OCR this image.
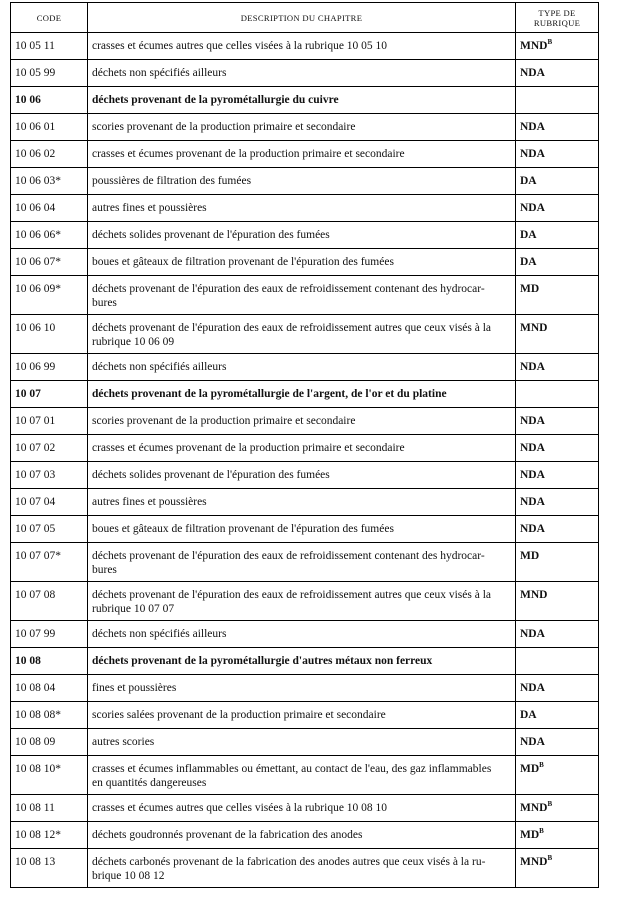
CODE	DESCRIPTION DU CHAPITRE	TYPE DE
RUBRIQUE
10 05 11	crasses et écumes autres que celles visées à la rubrique 10 05 10	$MND^B$
10 05 99	déchets non spécifiés ailleurs	NDA
10 06	déchets provenant de la pyrométallurgie du cuivre	
10 06 01	scories provenant de la production primaire et secondaire	NDA
10 06 02	crasses et écumes provenant de la production primaire et secondaire	NDA
10 06 03*	poussières de filtration des fumées	DA
10 06 04	autres fines et poussières	NDA
10 06 06*	déchets solides provenant de l'épuration des fumées	DA
10 06 07*	boues et gâteaux de filtration provenant de l'épuration des fumées	DA
10 06 09*	déchets provenant de l'épuration des eaux de refroidissement contenant des hydrocar-
bures	MD
10 06 10	déchets provenant de l'épuration des eaux de refroidissement autres que ceux visés à la
rubrique 10 06 09	MND
10 06 99	déchets non spécifiés ailleurs	NDA
10 07	déchets provenant de la pyrométallurgie de l'argent, de l'or et du platine	
10 07 01	scories provenant de la production primaire et secondaire	NDA
10 07 02	crasses et écumes provenant de la production primaire et secondaire	NDA
10 07 03	déchets solides provenant de l'épuration des fumées	NDA
10 07 04	autres fines et poussières	NDA
10 07 05	boues et gâteaux de filtration provenant de l'épuration des fumées	NDA
10 07 07*	déchets provenant de l'épuration des eaux de refroidissement contenant des hydrocar-
bures	MD
10 07 08	déchets provenant de l'épuration des eaux de refroidissement autres que ceux visés à la
rubrique 10 07 07	MND
10 07 99	déchets non spécifiés ailleurs	NDA
10 08	déchets provenant de la pyrométallurgie d'autres métaux non ferreux	
10 08 04	fines et poussières	NDA
10 08 08*	scories salées provenant de la production primaire et secondaire	DA
10 08 09	autres scories	NDA
10 08 10*	crasses et écumes inflammables ou émettant, au contact de l'eau, des gaz inflammables
en quantités dangereuses	$MD^B$
10 08 11	crasses et écumes autres que celles visées à la rubrique 10 08 10	$MND^B$
10 08 12*	déchets goudronnés provenant de la fabrication des anodes	$MD^B$
10 08 13	déchets carbonés provenant de la fabrication des anodes autres que ceux visés à la ru-
brique 10 08 12	$MND^B$
